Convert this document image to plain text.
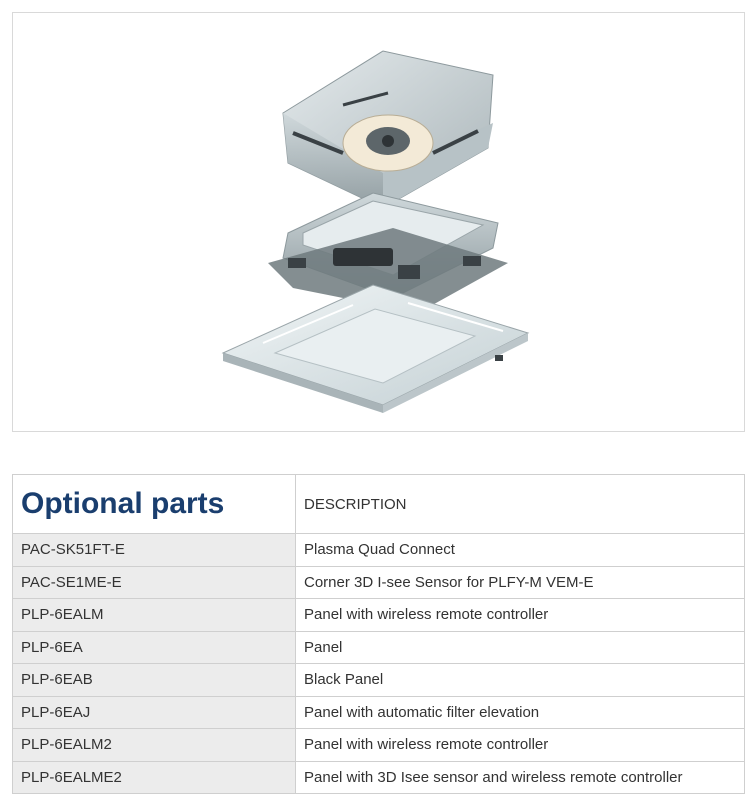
Optional parts	DESCRIPTION
PAC-SK51FT-E	Plasma Quad Connect
PAC-SE1ME-E	Corner 3D I-see Sensor for PLFY-M VEM-E
PLP-6EALM	Panel with wireless remote controller
PLP-6EA	Panel
PLP-6EAB	Black Panel
PLP-6EAJ	Panel with automatic filter elevation
PLP-6EALM2	Panel with wireless remote controller
PLP-6EALME2	Panel with 3D Isee sensor and wireless remote controller
